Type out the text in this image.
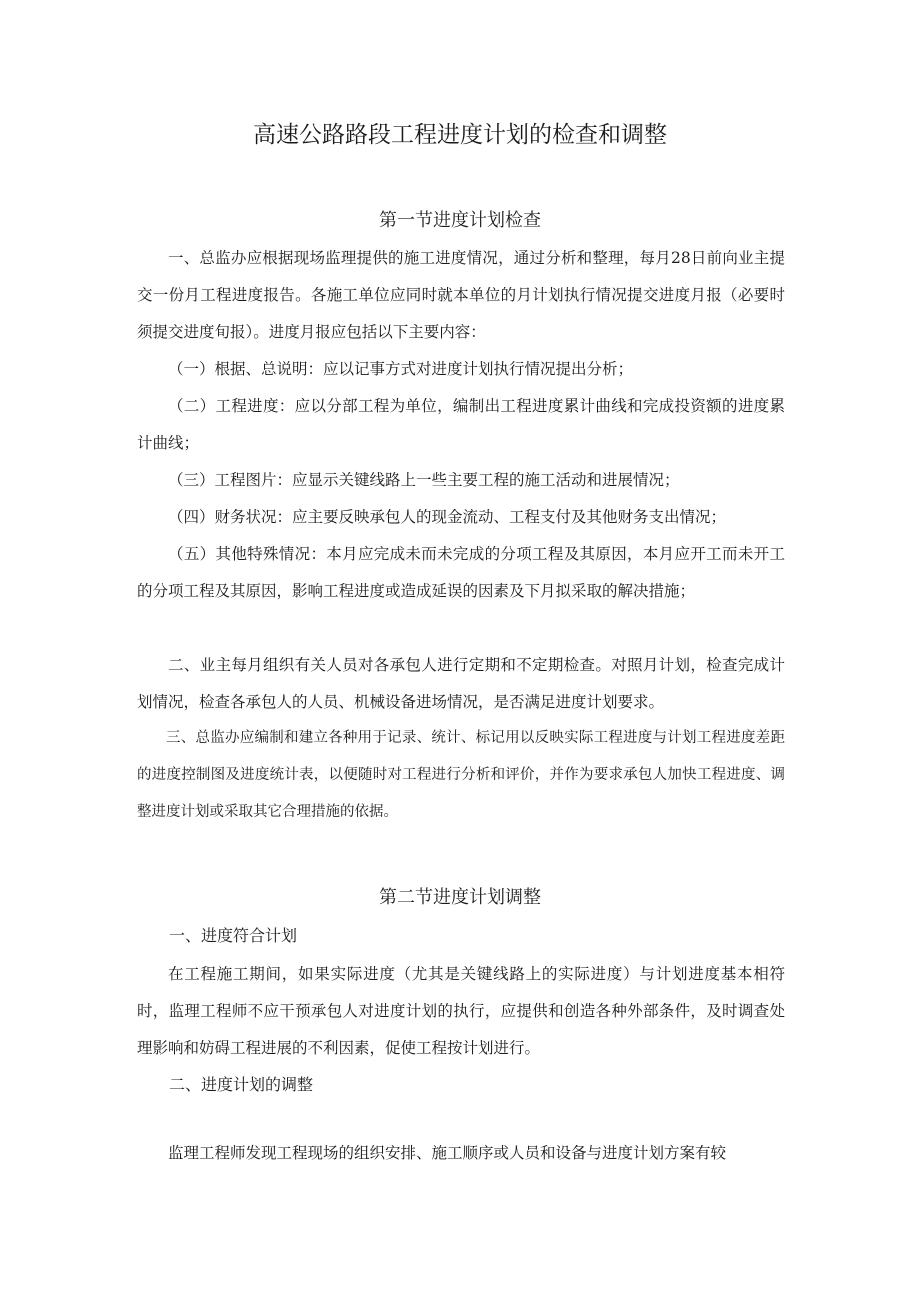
高速公路路段工程进度计划的检查和调整
第一节进度计划检查

一、总监办应根据现场监理提供的施工进度情况，通过分析和整理，每月28日前向业主提交一份月工程进度报告。各施工单位应同时就本单位的月计划执行情况提交进度月报（必要时须提交进度旬报）。进度月报应包括以下主要内容：

（一）根据、总说明：应以记事方式对进度计划执行情况提出分析；

（二）工程进度：应以分部工程为单位，编制出工程进度累计曲线和完成投资额的进度累计曲线；

（三）工程图片：应显示关键线路上一些主要工程的施工活动和进展情况；

（四）财务状况：应主要反映承包人的现金流动、工程支付及其他财务支出情况；

（五）其他特殊情况：本月应完成未而未完成的分项工程及其原因，本月应开工而未开工的分项工程及其原因，影响工程进度或造成延误的因素及下月拟采取的解决措施；

二、业主每月组织有关人员对各承包人进行定期和不定期检查。对照月计划，检查完成计划情况，检查各承包人的人员、机械设备进场情况，是否满足进度计划要求。

三、总监办应编制和建立各种用于记录、统计、标记用以反映实际工程进度与计划工程进度差距的进度控制图及进度统计表，以便随时对工程进行分析和评价，并作为要求承包人加快工程进度、调整进度计划或采取其它合理措施的依据。

第二节进度计划调整

一、进度符合计划

在工程施工期间，如果实际进度（尤其是关键线路上的实际进度）与计划进度基本相符时，监理工程师不应干预承包人对进度计划的执行，应提供和创造各种外部条件，及时调查处理影响和妨碍工程进展的不利因素，促使工程按计划进行。

二、进度计划的调整

监理工程师发现工程现场的组织安排、施工顺序或人员和设备与进度计划方案有较
